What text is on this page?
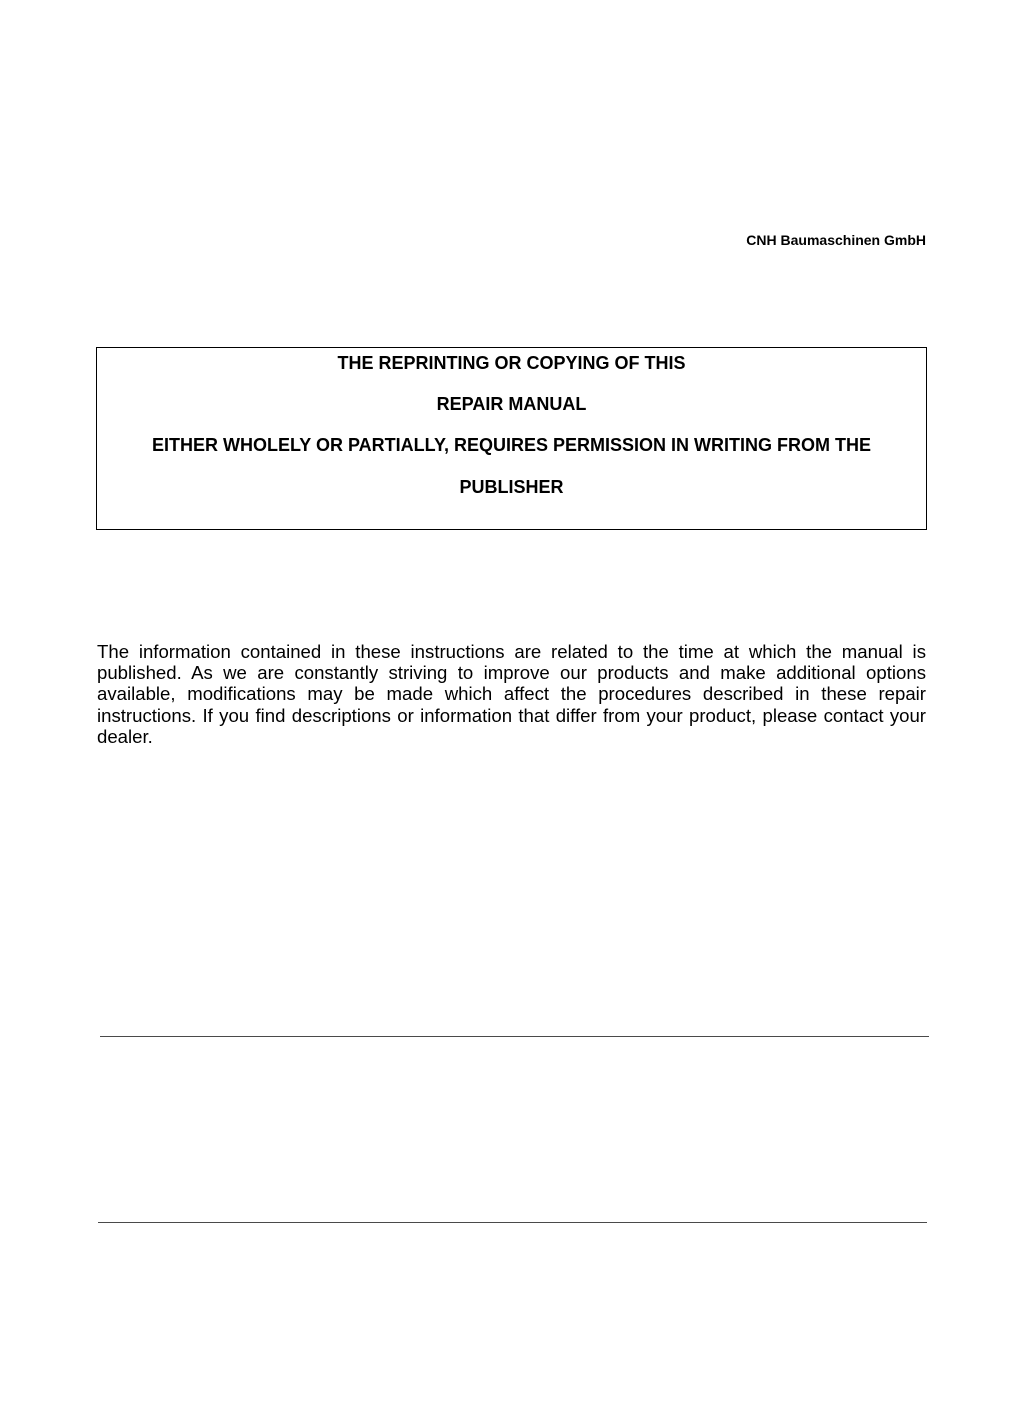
CNH Baumaschinen GmbH
THE REPRINTING OR COPYING OF THIS
REPAIR MANUAL
EITHER WHOLELY OR PARTIALLY, REQUIRES PERMISSION IN WRITING FROM THE
PUBLISHER

The information contained in these instructions are related to the time at which the manual is published. As we are constantly striving to improve our products and make additional options available, modifications may be made which affect the procedures described in these repair instructions. If you find descriptions or information that differ from your product, please contact your dealer.
